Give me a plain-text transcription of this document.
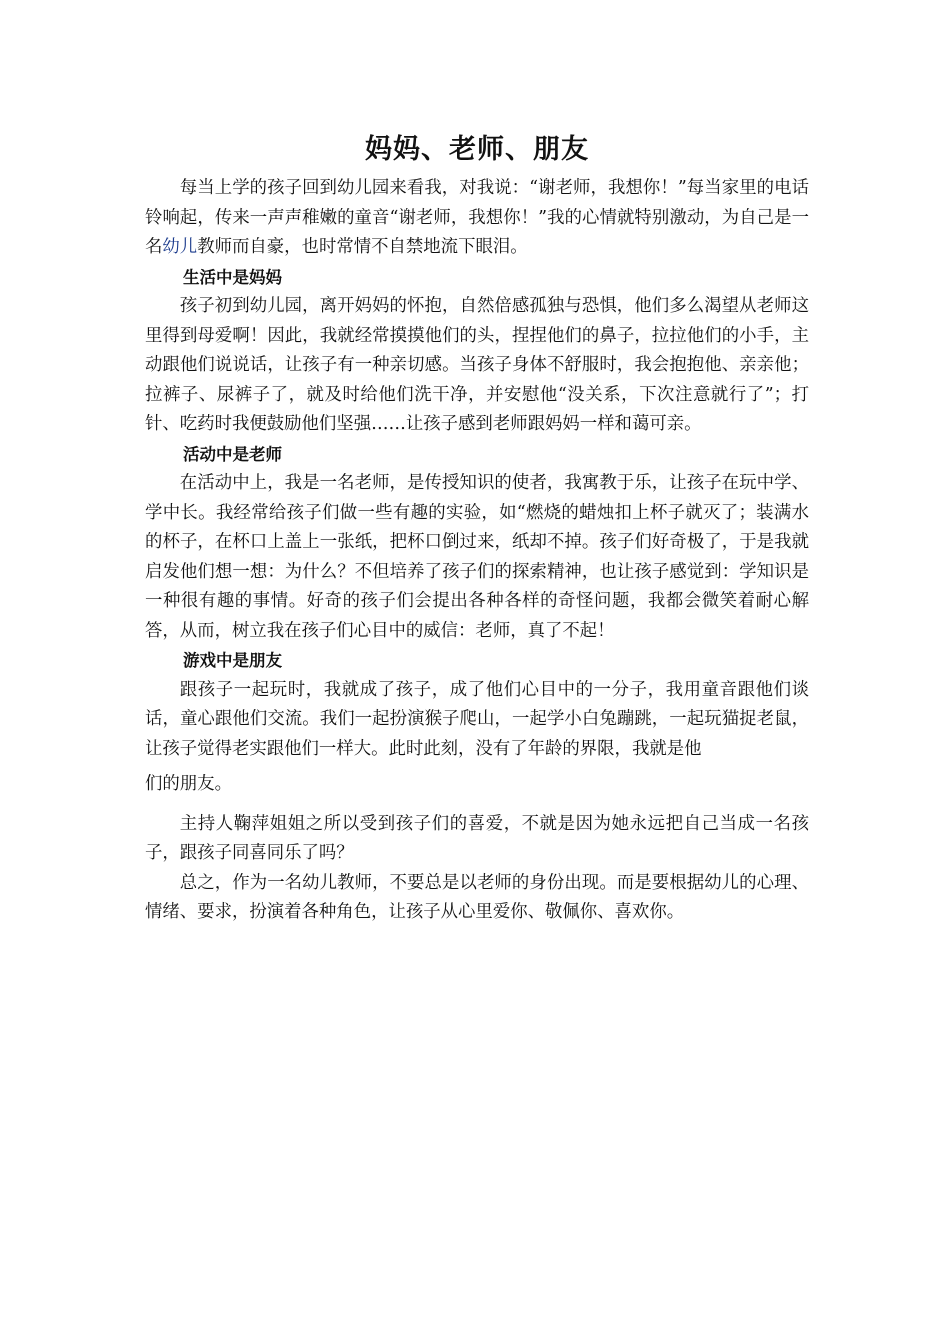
妈妈、老师、朋友

每当上学的孩子回到幼儿园来看我，对我说：“谢老师，我想你！”每当家里的电话铃响起，传来一声声稚嫩的童音“谢老师，我想你！”我的心情就特别激动，为自己是一名幼儿教师而自豪，也时常情不自禁地流下眼泪。

生活中是妈妈

孩子初到幼儿园，离开妈妈的怀抱，自然倍感孤独与恐惧，他们多么渴望从老师这里得到母爱啊！因此，我就经常摸摸他们的头，捏捏他们的鼻子，拉拉他们的小手，主动跟他们说说话，让孩子有一种亲切感。当孩子身体不舒服时，我会抱抱他、亲亲他；拉裤子、尿裤子了，就及时给他们洗干净，并安慰他“没关系，下次注意就行了”；打针、吃药时我便鼓励他们坚强……让孩子感到老师跟妈妈一样和蔼可亲。

活动中是老师

在活动中上，我是一名老师，是传授知识的使者，我寓教于乐，让孩子在玩中学、学中长。我经常给孩子们做一些有趣的实验，如“燃烧的蜡烛扣上杯子就灭了；装满水的杯子，在杯口上盖上一张纸，把杯口倒过来，纸却不掉。孩子们好奇极了，于是我就启发他们想一想：为什么？不但培养了孩子们的探索精神，也让孩子感觉到：学知识是一种很有趣的事情。好奇的孩子们会提出各种各样的奇怪问题，我都会微笑着耐心解答，从而，树立我在孩子们心目中的威信：老师，真了不起！

游戏中是朋友

跟孩子一起玩时，我就成了孩子，成了他们心目中的一分子，我用童音跟他们谈话，童心跟他们交流。我们一起扮演猴子爬山，一起学小白兔蹦跳，一起玩猫捉老鼠，让孩子觉得老实跟他们一样大。此时此刻，没有了年龄的界限，我就是他

们的朋友。

主持人鞠萍姐姐之所以受到孩子们的喜爱，不就是因为她永远把自己当成一名孩子，跟孩子同喜同乐了吗？

总之，作为一名幼儿教师，不要总是以老师的身份出现。而是要根据幼儿的心理、情绪、要求，扮演着各种角色，让孩子从心里爱你、敬佩你、喜欢你。
